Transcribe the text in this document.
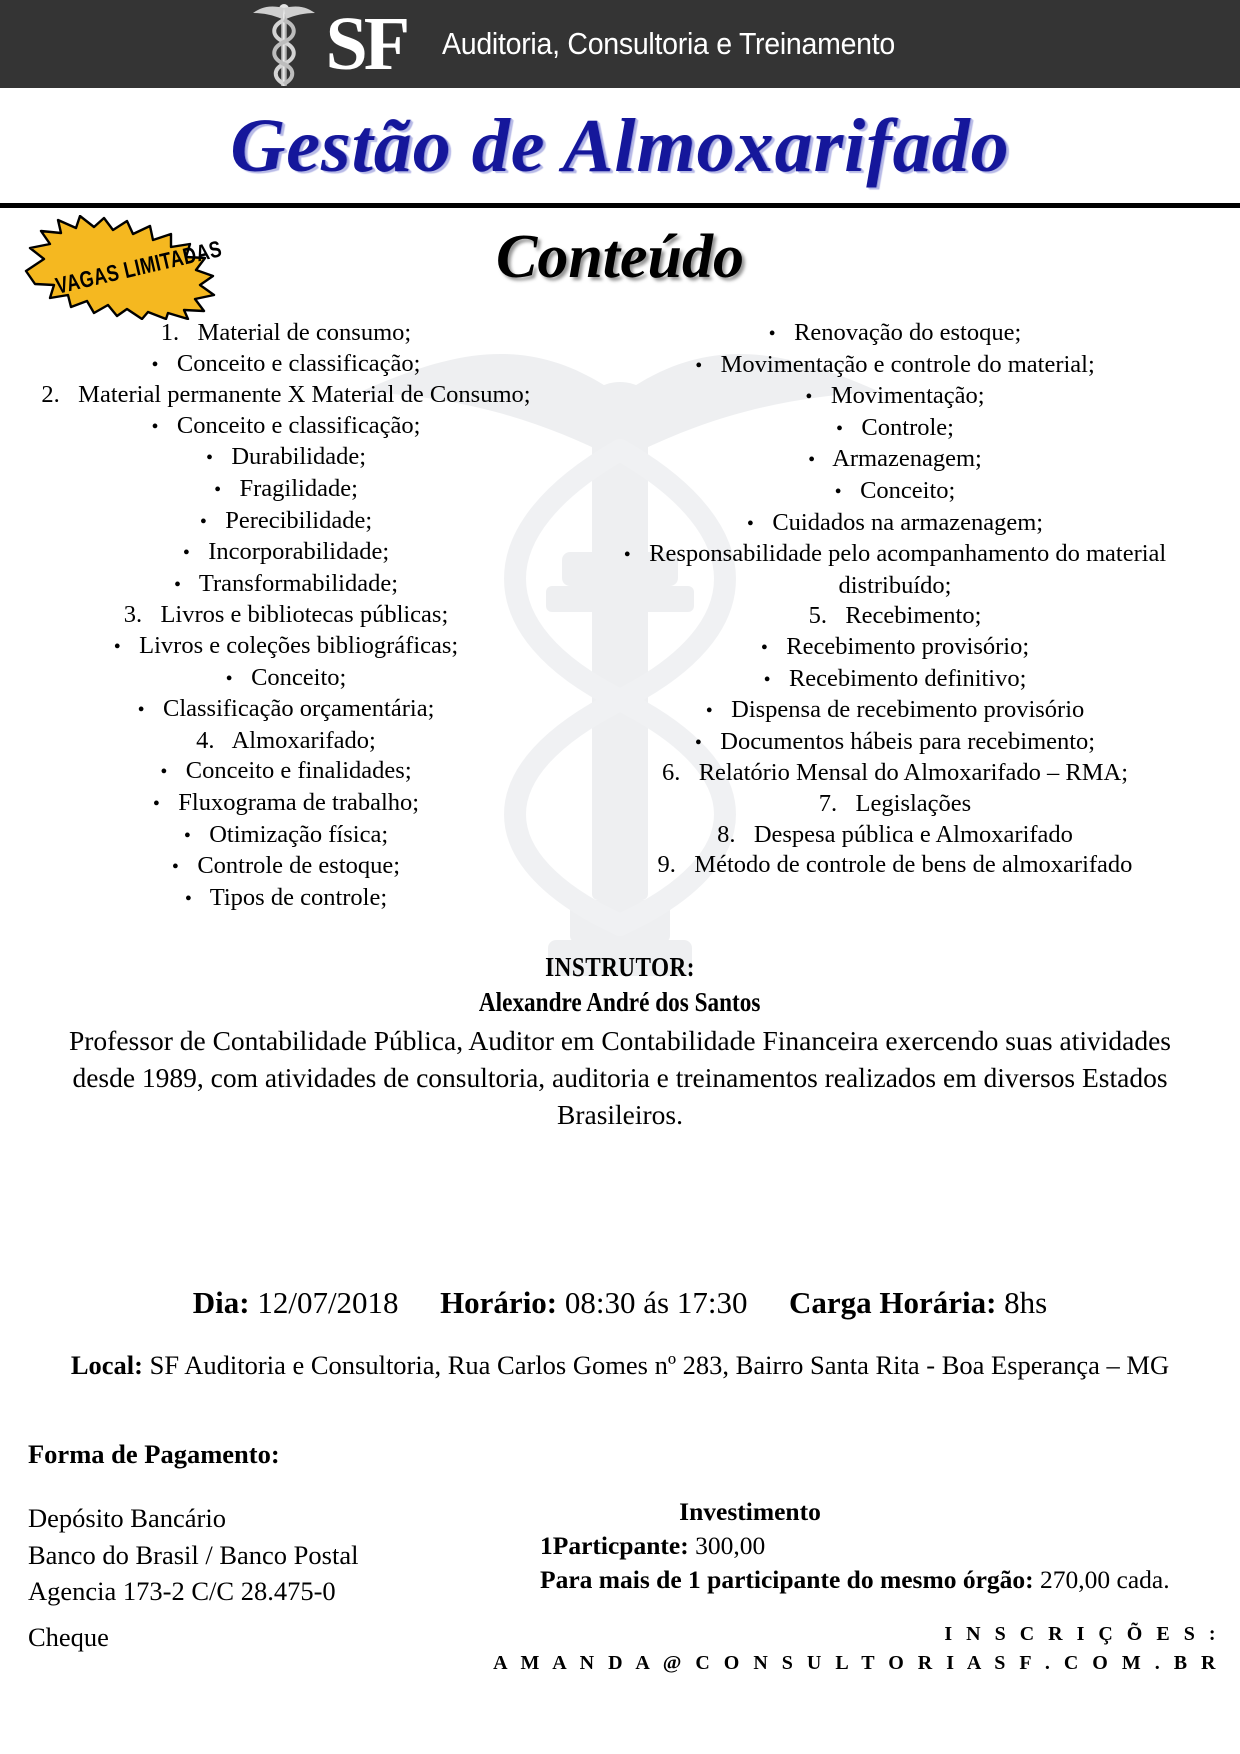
SF Auditoria, Consultoria e Treinamento
Gestão de Almoxarifado
VAGAS LIMITADAS	Conteúdo
1.   Material de consumo;
•   Conceito e classificação;
2.   Material permanente X Material de Consumo;
•   Conceito e classificação;
•   Durabilidade;
•   Fragilidade;
•   Perecibilidade;
•   Incorporabilidade;
•   Transformabilidade;
3.   Livros e bibliotecas públicas;
•   Livros e coleções bibliográficas;
•   Conceito;
•   Classificação orçamentária;
4.   Almoxarifado;
•   Conceito e finalidades;
•   Fluxograma de trabalho;
•   Otimização física;
•   Controle de estoque;
•   Tipos de controle;
•   Renovação do estoque;
•   Movimentação e controle do material;
•   Movimentação;
•   Controle;
•   Armazenagem;
•   Conceito;
•   Cuidados na armazenagem;
•   Responsabilidade pelo acompanhamento do material distribuído;
5.   Recebimento;
•   Recebimento provisório;
•   Recebimento definitivo;
•   Dispensa de recebimento provisório
•   Documentos hábeis para recebimento;
6.   Relatório Mensal do Almoxarifado – RMA;
7.   Legislações
8.   Despesa pública e Almoxarifado
9.   Método de controle de bens de almoxarifado
INSTRUTOR:
Alexandre André dos Santos
Professor de Contabilidade Pública, Auditor em Contabilidade Financeira exercendo suas atividades desde 1989, com atividades de consultoria, auditoria e treinamentos realizados em diversos Estados Brasileiros.
Dia: 12/07/2018 Horário: 08:30 ás 17:30 Carga Horária: 8hs
Local: SF Auditoria e Consultoria, Rua Carlos Gomes nº 283, Bairro Santa Rita - Boa Esperança – MG
Forma de Pagamento:
Depósito Bancário
Banco do Brasil / Banco Postal
Agencia 173-2 C/C 28.475-0
Cheque
Investimento
1Particpante: 300,00
Para mais de 1 participante do mesmo órgão: 270,00 cada.
I N S C R I Ç Õ E S :
A M A N D A @ C O N S U L T O R I A S F . C O M . B R
